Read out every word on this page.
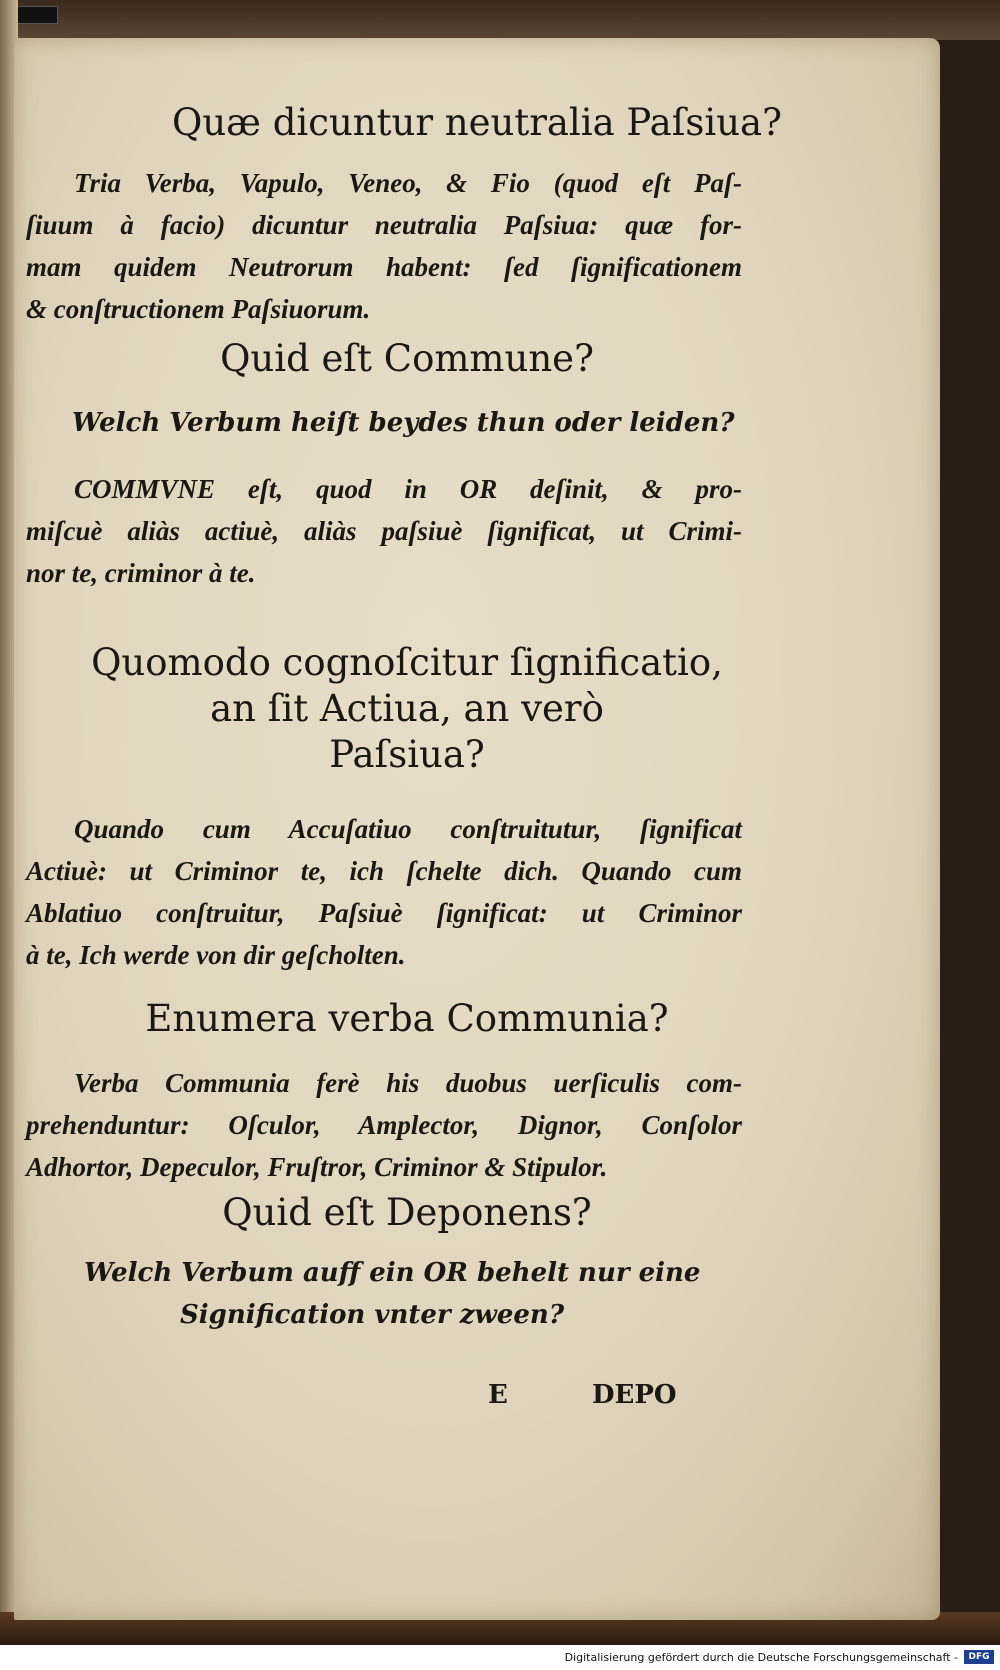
Quæ dicuntur neutralia Paſsiua?
Tria Verba, Vapulo, Veneo, & Fio (quod eſt Paſ-
ſiuum à facio) dicuntur neutralia Paſsiua: quæ for-
mam quidem Neutrorum habent: ſed ſignificationem
& conſtructionem Paſsiuorum.
Quid eſt Commune?
Welch Verbum heiſt beydes thun oder leiden?
COMMVNE eſt, quod in OR deſinit, & pro-
miſcuè aliàs actiuè, aliàs paſsiuè ſignificat, ut Crimi-
nor te, criminor à te.
Quomodo cognoſcitur ſignificatio,
an ſit Actiua, an verò
Paſsiua?
Quando cum Accuſatiuo conſtruitutur, ſignificat
Actiuè: ut Criminor te, ich ſchelte dich. Quando cum
Ablatiuo conſtruitur, Paſsiuè ſignificat: ut Criminor
à te, Ich werde von dir geſcholten.
Enumera verba Communia?
Verba Communia ferè his duobus uerſiculis com-
prehenduntur: Oſculor, Amplector, Dignor, Conſolor
Adhortor, Depeculor, Fruſtror, Criminor & Stipulor.
Quid eſt Deponens?
Welch Verbum auff ein OR behelt nur eine
Signification vnter zween?
E	DEPO
Digitalisierung gefördert durch die Deutsche Forschungsgemeinschaft -	DFG
